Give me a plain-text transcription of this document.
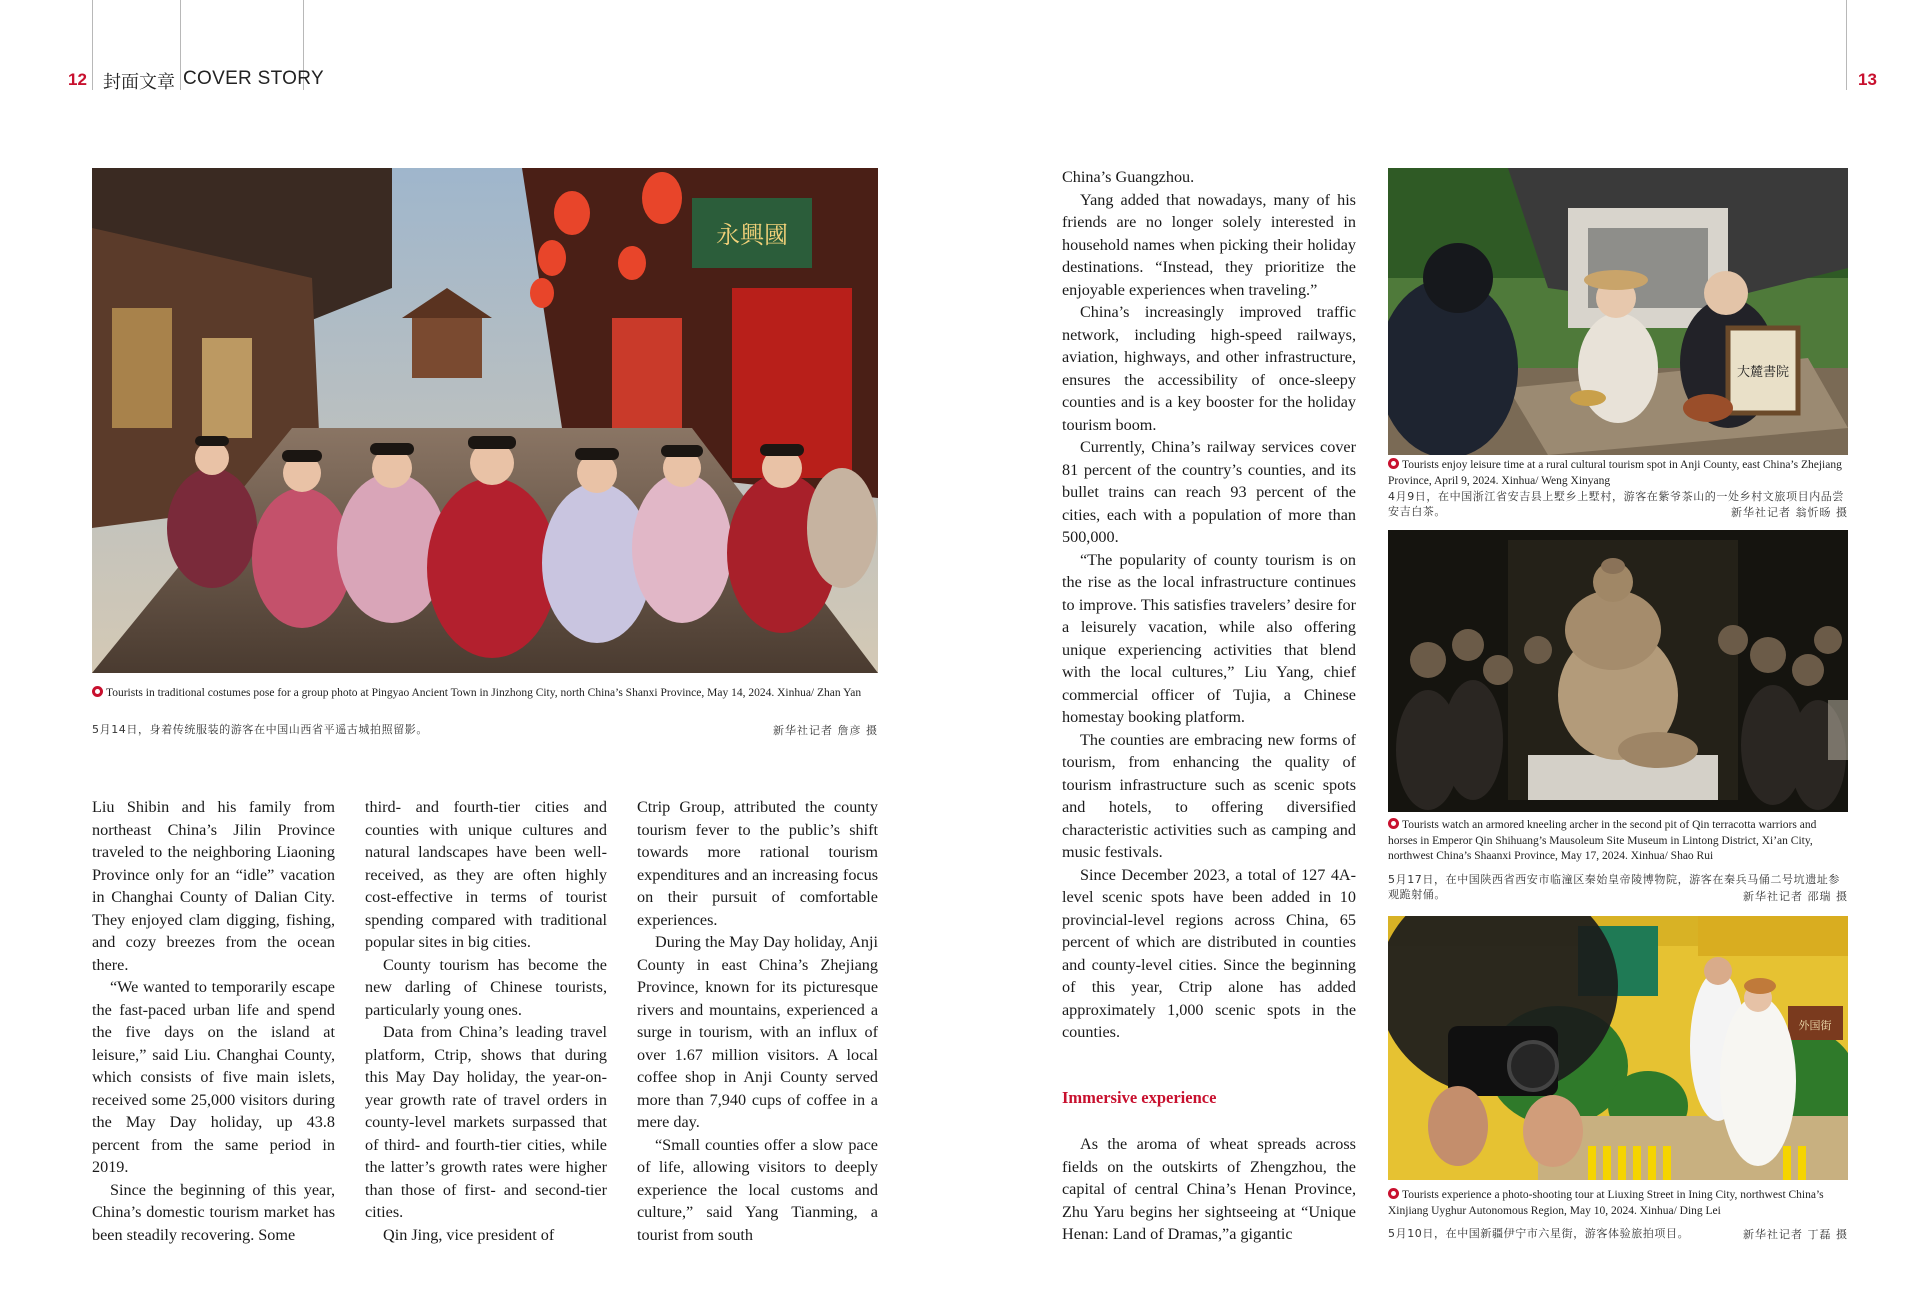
12 封面文章 COVER STORY	13
永興國
Tourists in traditional costumes pose for a group photo at Pingyao Ancient Town in Jinzhong City, north China’s Shanxi Province, May 14, 2024. Xinhua/ Zhan Yan
5月14日，身着传统服装的游客在中国山西省平遥古城拍照留影。	新华社记者 詹彦 摄

Liu Shibin and his family from northeast China’s Jilin Province traveled to the neighboring Liaoning Province only for an “idle” vacation in Changhai County of Dalian City. They enjoyed clam digging, fishing, and cozy breezes from the ocean there.

“We wanted to temporarily escape the fast-paced urban life and spend the five days on the island at leisure,” said Liu. Changhai County, which consists of five main islets, received some 25,000 visitors during the May Day holiday, up 43.8 percent from the same period in 2019.

Since the beginning of this year, China’s domestic tourism market has been steadily recovering. Some

third- and fourth-tier cities and counties with unique cultures and natural landscapes have been well-received, as they are often highly cost-effective in terms of tourist spending compared with traditional popular sites in big cities.

County tourism has become the new darling of Chinese tourists, particularly young ones.

Data from China’s leading travel platform, Ctrip, shows that during this May Day holiday, the year-on-year growth rate of travel orders in county-level markets surpassed that of third- and fourth-tier cities, while the latter’s growth rates were higher than those of first- and second-tier cities.

Qin Jing, vice president of

Ctrip Group, attributed the county tourism fever to the public’s shift towards more rational tourism expenditures and an increasing focus on their pursuit of comfortable experiences.

During the May Day holiday, Anji County in east China’s Zhejiang Province, known for its picturesque rivers and mountains, experienced a surge in tourism, with an influx of over 1.67 million visitors. A local coffee shop in Anji County served more than 7,940 cups of coffee in a mere day.

“Small counties offer a slow pace of life, allowing visitors to deeply experience the local customs and culture,” said Yang Tianming, a tourist from south

China’s Guangzhou.

Yang added that nowadays, many of his friends are no longer solely interested in household names when picking their holiday destinations. “Instead, they prioritize the enjoyable experiences when traveling.”

China’s increasingly improved traffic network, including high-speed railways, aviation, highways, and other infrastructure, ensures the accessibility of once-sleepy counties and is a key booster for the holiday tourism boom.

Currently, China’s railway services cover 81 percent of the country’s counties, and its bullet trains can reach 93 percent of the cities, each with a population of more than 500,000.

“The popularity of county tourism is on the rise as the local infrastructure continues to improve. This satisfies travelers’ desire for a leisurely vacation, while also offering unique experiencing activities that blend with the local cultures,” Liu Yang, chief commercial officer of Tujia, a Chinese homestay booking platform.

The counties are embracing new forms of tourism, from enhancing the quality of tourism infrastructure such as scenic spots and hotels, to offering diversified characteristic activities such as camping and music festivals.

Since December 2023, a total of 127 4A-level scenic spots have been added in 10 provincial-level regions across China, 65 percent of which are distributed in counties and county-level cities. Since the beginning of this year, Ctrip alone has added approximately 1,000 scenic spots in the counties.

Immersive experience

As the aroma of wheat spreads across fields on the outskirts of Zhengzhou, the capital of central China’s Henan Province, Zhu Yaru begins her sightseeing at “Unique Henan: Land of Dramas,”a gigantic

大麓書院
Tourists enjoy leisure time at a rural cultural tourism spot in Anji County, east China’s Zhejiang Province, April 9, 2024. Xinhua/ Weng Xinyang
4月9日，在中国浙江省安吉县上墅乡上墅村，游客在紫爷茶山的一处乡村文旅项目内品尝安吉白茶。	新华社记者 翁忻旸 摄
Tourists watch an armored kneeling archer in the second pit of Qin terracotta warriors and horses in Emperor Qin Shihuang’s Mausoleum Site Museum in Lintong District, Xi’an City, northwest China’s Shaanxi Province, May 17, 2024. Xinhua/ Shao Rui
5月17日，在中国陕西省西安市临潼区秦始皇帝陵博物院，游客在秦兵马俑二号坑遗址参观跪射俑。	新华社记者 邵瑞 摄
外国街
Tourists experience a photo-shooting tour at Liuxing Street in Ining City, northwest China’s Xinjiang Uyghur Autonomous Region, May 10, 2024. Xinhua/ Ding Lei
5月10日，在中国新疆伊宁市六星街，游客体验旅拍项目。	新华社记者 丁磊 摄
